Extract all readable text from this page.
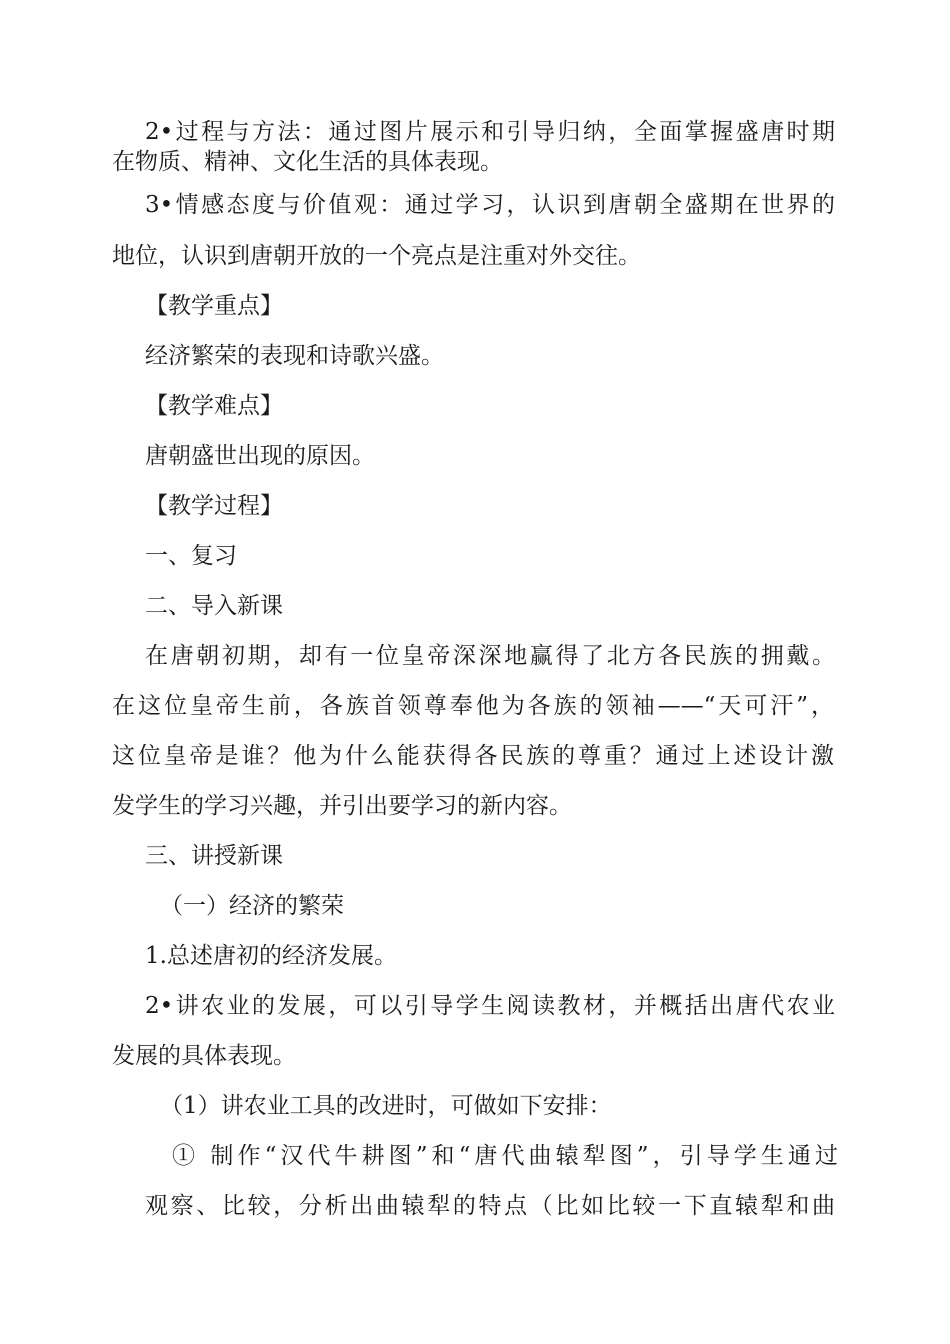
2•过程与方法：通过图片展示和引导归纳，全面掌握盛唐时期
在物质、精神、文化生活的具体表现。
3•情感态度与价值观：通过学习，认识到唐朝全盛期在世界的
地位，认识到唐朝开放的一个亮点是注重对外交往。
【教学重点】
经济繁荣的表现和诗歌兴盛。
【教学难点】
唐朝盛世出现的原因。
【教学过程】
一、复习
二、导入新课
在唐朝初期，却有一位皇帝深深地赢得了北方各民族的拥戴。
在这位皇帝生前，各族首领尊奉他为各族的领袖——“天可汗”，
这位皇帝是谁？他为什么能获得各民族的尊重？通过上述设计激
发学生的学习兴趣，并引出要学习的新内容。
三、讲授新课
（一）经济的繁荣
1.总述唐初的经济发展。
2•讲农业的发展，可以引导学生阅读教材，并概括出唐代农业
发展的具体表现。
（1）讲农业工具的改进时，可做如下安排：
① 制作“汉代牛耕图”和“唐代曲辕犁图”，引导学生通过
观察、比较，分析出曲辕犁的特点（比如比较一下直辕犁和曲
